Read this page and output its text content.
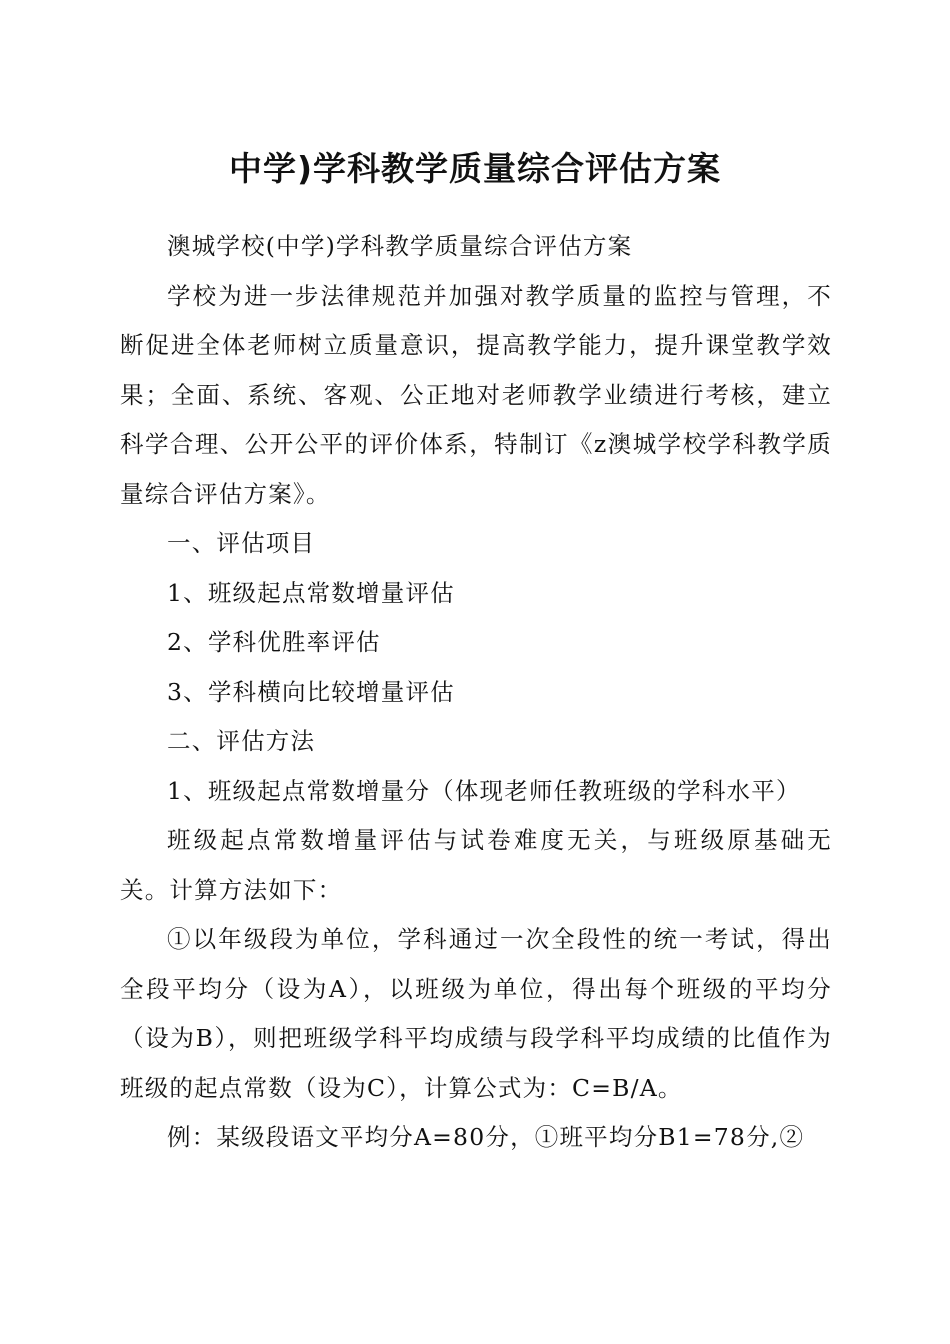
中学)学科教学质量综合评估方案

澳城学校(中学)学科教学质量综合评估方案

学校为进一步法律规范并加强对教学质量的监控与管理，不断促进全体老师树立质量意识，提高教学能力，提升课堂教学效果；全面、系统、客观、公正地对老师教学业绩进行考核，建立科学合理、公开公平的评价体系，特制订《z澳城学校学科教学质量综合评估方案》。

一、评估项目

1、班级起点常数增量评估

2、学科优胜率评估

3、学科横向比较增量评估

二、评估方法

1、班级起点常数增量分（体现老师任教班级的学科水平）

班级起点常数增量评估与试卷难度无关，与班级原基础无关。计算方法如下：

①以年级段为单位，学科通过一次全段性的统一考试，得出全段平均分（设为A），以班级为单位，得出每个班级的平均分（设为B），则把班级学科平均成绩与段学科平均成绩的比值作为班级的起点常数（设为C），计算公式为：C=B/A。

例：某级段语文平均分A=80分，①班平均分B1=78分,②
